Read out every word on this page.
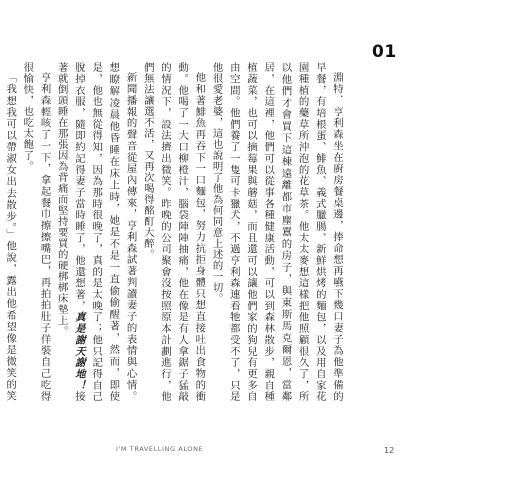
01

淵特．亨利森坐在廚房餐桌邊，捧命想再嚥下幾口妻子為他準備的早餐，有培根蛋、鯡魚、義式臘腸、新鮮烘烤的麵包，以及用自家花園種植的藥草所沖泡的花草茶。他太太麥想這樣把他照顧很久了，所以他們才會買下這棟遠離都市塵囂的房子，與東斯馬克爾恩，當鄰居，在這裡，他們可以從事各種健康活動，可以到森林散步，親自種植蔬菜，也可以摘莓果與蘑菇，而且還可以讓他們家的狗兒有更多自由空間。他們養了一隻可卡獵犬，不過亨利森連看牠都受不了，只是他很愛老婆，這也說明了他為何同意上述的一切。

他和著鯡魚再吞下一口麵包，努力抗拒身體只想直接吐出食物的衝動。他喝了一大口柳橙汁，腦袋陣陣抽痛，他在像是有人拿鋸子猛敲的情況下，設法擠出微笑。昨晚的公司聚會沒按照原本計劃進行，他們無法讓選不活，又再次喝得酩酊大醉。

新聞播報的聲音從屋內傳來，亨利森試著判讀妻子的表情與心情。想瞭解凌晨他昏睡在床上時，她是不是一直偷偷醒著，然而，即使是，他也無從得知，因為那時很晚了，真的是太晚了；他只記得自己脫掉衣服，隨即約記得妻子當時睡了，他還想著，真是謝天謝地！接著就倒頭睡在那張因為背痛而堅持要買的硬梆梆床墊上。

亨利森輕咳了一下，拿起餐巾擦擦嘴巴，再拍拍肚子佯裝自己吃得很愉快，也吃太飽了。

「我想我可以帶淑女出去散步。」他說，露出他希望像是微笑的笑

I'M TRAVELLING ALONE	12
